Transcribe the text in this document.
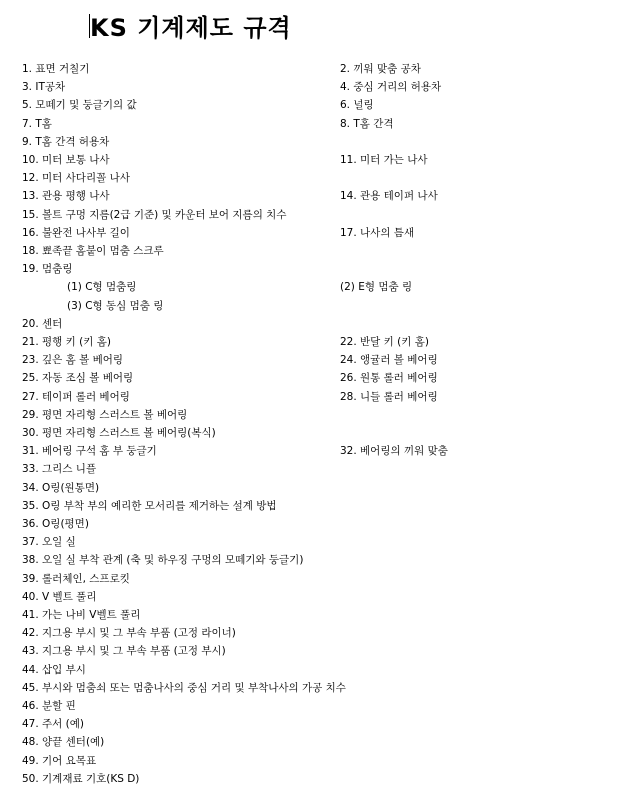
KS 기계제도 규격
1. 표면 거칠기	2. 끼워 맞춤 공차
3. IT공차	4. 중심 거리의 허용차
5. 모떼기 및 둥글기의 값	6. 널링
7. T홈	8. T홈 간격
9. T홈 간격 허용차
10. 미터 보통 나사	11. 미터 가는 나사
12. 미터 사다리꼴 나사
13. 관용 평행 나사	14. 관용 테이퍼 나사
15. 볼트 구멍 지름(2급 기준) 및 카운터 보어 지름의 치수
16. 불완전 나사부 길이	17. 나사의 틈새
18. 뾰족끝 홈붙이 멈춤 스크루
19. 멈춤링
(1) C형 멈춤링	(2) E형 멈춤 링
(3) C형 동심 멈춤 링
20. 센터
21. 평행 키 (키 홈)	22. 반달 키 (키 홈)
23. 깊은 홈 볼 베어링	24. 앵귤러 볼 베어링
25. 자동 조심 볼 베어링	26. 원통 롤러 베어링
27. 테이퍼 롤러 베어링	28. 니들 롤러 베어링
29. 평면 자리형 스러스트 볼 베어링
30. 평면 자리형 스러스트 볼 베어링(복식)
31. 베어링 구석 홈 부 둥글기	32. 베어링의 끼워 맞춤
33. 그리스 니플
34. O링(원통면)
35. O링 부착 부의 예리한 모서리를 제거하는 설계 방법
36. O링(평면)
37. 오일 실
38. 오일 실 부착 관계 (축 및 하우징 구멍의 모떼기와 둥글기)
39. 롤러체인, 스프로킷
40. V 벨트 풀리
41. 가는 나비 V벨트 풀리
42. 지그용 부시 및 그 부속 부품 (고정 라이너)
43. 지그용 부시 및 그 부속 부품 (고정 부시)
44. 삽입 부시
45. 부시와 멈춤쇠 또는 멈춤나사의 중심 거리 및 부착나사의 가공 치수
46. 분할 핀
47. 주서 (예)
48. 양끝 센터(예)
49. 기어 요목표
50. 기계재료 기호(KS D)
